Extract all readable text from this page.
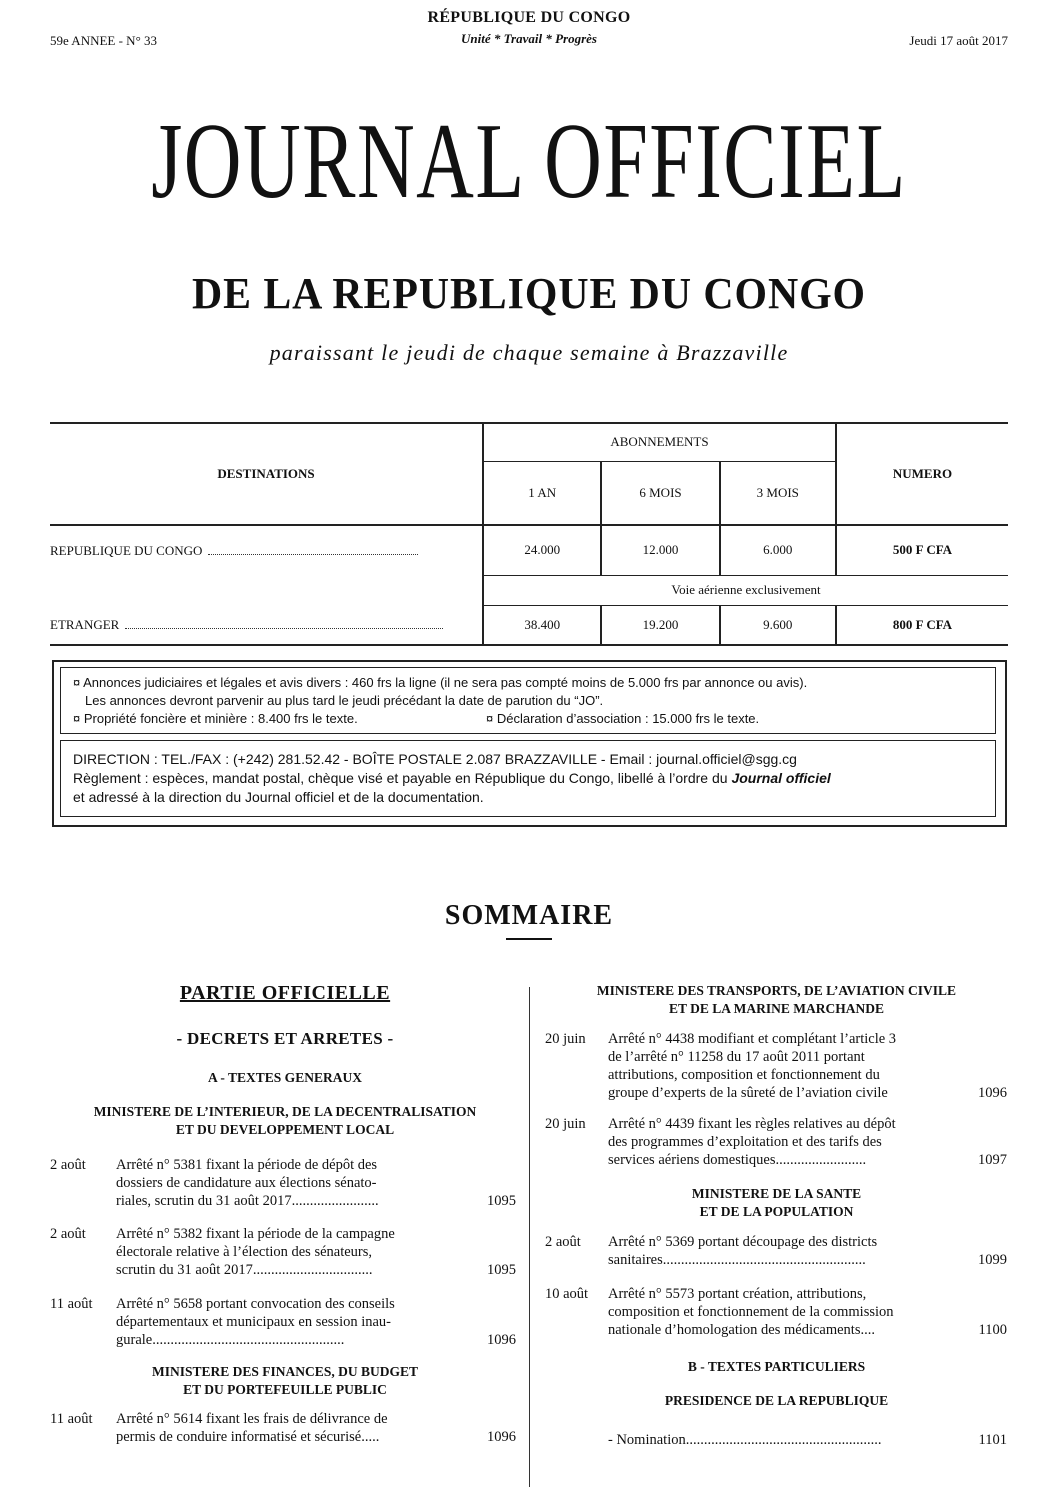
RÉPUBLIQUE DU CONGO
Unité * Travail * Progrès
59e ANNEE - N° 33	Jeudi 17 août 2017
JOURNAL OFFICIEL
DE LA REPUBLIQUE DU CONGO
paraissant le jeudi de chaque semaine à Brazzaville
DESTINATIONS	ABONNEMENTS			NUMERO
	1 AN	6 MOIS	3 MOIS	
REPUBLIQUE DU CONGO	24.000	12.000	6.000	500 F CFA
	Voie aérienne exclusivement			
ETRANGER	38.400	19.200	9.600	800 F CFA
¤ Annonces judiciaires et légales et avis divers : 460 frs la ligne (il ne sera pas compté moins de 5.000 frs par annonce ou avis).
Les annonces devront parvenir au plus tard le jeudi précédant la date de parution du “JO”.
¤ Propriété foncière et minière : 8.400 frs le texte.	¤ Déclaration d’association : 15.000 frs le texte.
DIRECTION : TEL./FAX : (+242) 281.52.42 - BOÎTE POSTALE 2.087 BRAZZAVILLE - Email : journal.officiel@sgg.cg
Règlement : espèces, mandat postal, chèque visé et payable en République du Congo, libellé à l’ordre du Journal officiel
et adressé à la direction du Journal officiel et de la documentation.
SOMMAIRE
PARTIE OFFICIELLE
- DECRETS ET ARRETES -
A - TEXTES GENERAUX
MINISTERE DE L’INTERIEUR, DE LA DECENTRALISATION
ET DU DEVELOPPEMENT LOCAL
2 août Arrêté n° 5381 fixant la période de dépôt des
dossiers de candidature aux élections sénato-
riales, scrutin du 31 août 2017........................	1095
2 août Arrêté n° 5382 fixant la période de la campagne
électorale relative à l’élection des sénateurs,
scrutin du 31 août 2017.................................	1095
11 août Arrêté n° 5658 portant convocation des conseils
départementaux et municipaux en session inau-
gurale.....................................................	1096
MINISTERE DES FINANCES, DU BUDGET
ET DU PORTEFEUILLE PUBLIC
11 août Arrêté n° 5614 fixant les frais de délivrance de
permis de conduire informatisé et sécurisé.....	1096
MINISTERE DES TRANSPORTS, DE L’AVIATION CIVILE
ET DE LA MARINE MARCHANDE
20 juin Arrêté n° 4438 modifiant et complétant l’article 3
de l’arrêté n° 11258 du 17 août 2011 portant
attributions, composition et fonctionnement du
groupe d’experts de la sûreté de l’aviation civile	1096
20 juin Arrêté n° 4439 fixant les règles relatives au dépôt
des programmes d’exploitation et des tarifs des
services aériens domestiques.........................	1097
MINISTERE DE LA SANTE
ET DE LA POPULATION
2 août Arrêté n° 5369 portant découpage des districts
sanitaires........................................................	1099
10 août Arrêté n° 5573 portant création, attributions,
composition et fonctionnement de la commission
nationale d’homologation des médicaments....	1100
B - TEXTES PARTICULIERS
PRESIDENCE DE LA REPUBLIQUE
- Nomination......................................................	1101
